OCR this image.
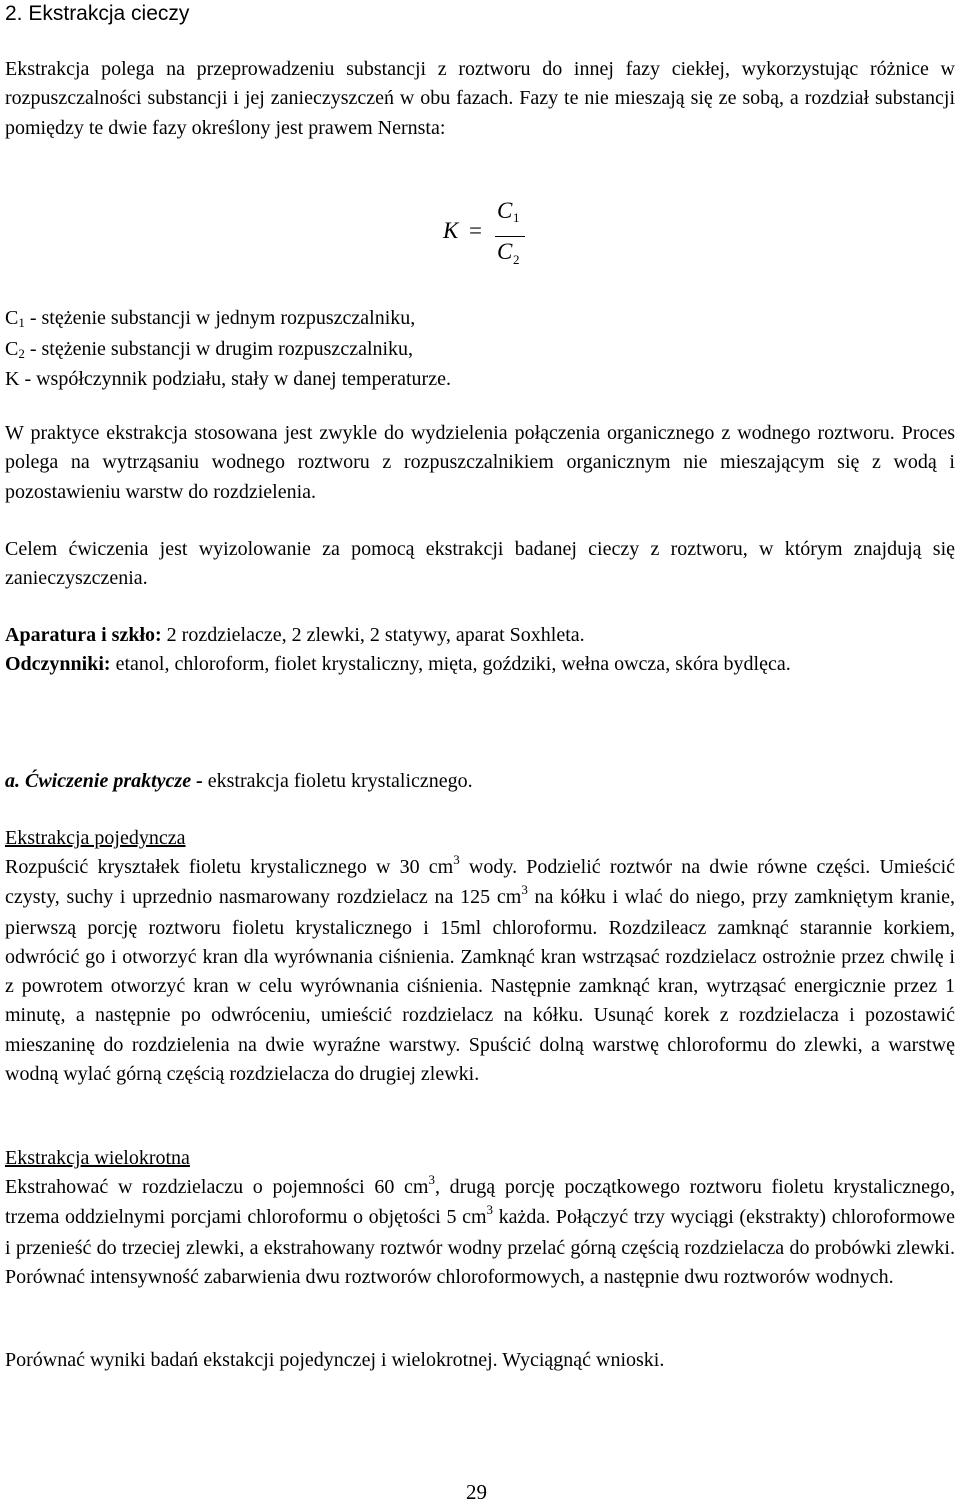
2. Ekstrakcja cieczy
Ekstrakcja polega na przeprowadzeniu substancji z roztworu do innej fazy ciekłej, wykorzystując różnice w rozpuszczalności substancji i jej zanieczyszczeń w obu fazach. Fazy te nie mieszają się ze sobą, a rozdział substancji pomiędzy te dwie fazy określony jest prawem Nernsta:
K =
C 1
C 2
C1 - stężenie substancji w jednym rozpuszczalniku,
C2 - stężenie substancji w drugim rozpuszczalniku,
K - współczynnik podziału, stały w danej temperaturze.
W praktyce ekstrakcja stosowana jest zwykle do wydzielenia połączenia organicznego z wodnego roztworu. Proces polega na wytrząsaniu wodnego roztworu z rozpuszczalnikiem organicznym nie mieszającym się z wodą i pozostawieniu warstw do rozdzielenia.
Celem ćwiczenia jest wyizolowanie za pomocą ekstrakcji badanej cieczy z roztworu, w którym znajdują się zanieczyszczenia.
Aparatura i szkło: 2 rozdzielacze, 2 zlewki, 2 statywy, aparat Soxhleta.
Odczynniki: etanol, chloroform, fiolet krystaliczny, mięta, goździki, wełna owcza, skóra bydlęca.
a. Ćwiczenie praktycze - ekstrakcja fioletu krystalicznego.
Ekstrakcja pojedyncza
Rozpuścić kryształek fioletu krystalicznego w 30 $cm^3$ wody. Podzielić roztwór na dwie równe części. Umieścić czysty, suchy i uprzednio nasmarowany rozdzielacz na 125 $cm^3$ na kółku i wlać do niego, przy zamkniętym kranie, pierwszą porcję roztworu fioletu krystalicznego i 15ml chloroformu. Rozdzileacz zamknąć starannie korkiem, odwrócić go i otworzyć kran dla wyrównania ciśnienia. Zamknąć kran wstrząsać rozdzielacz ostrożnie przez chwilę i z powrotem otworzyć kran w celu wyrównania ciśnienia. Następnie zamknąć kran, wytrząsać energicznie przez 1 minutę, a następnie po odwróceniu, umieścić rozdzielacz na kółku. Usunąć korek z rozdzielacza i pozostawić mieszaninę do rozdzielenia na dwie wyraźne warstwy. Spuścić dolną warstwę chloroformu do zlewki, a warstwę wodną wylać górną częścią rozdzielacza do drugiej zlewki.
Ekstrakcja wielokrotna
Ekstrahować w rozdzielaczu o pojemności 60 $cm^3$, drugą porcję początkowego roztworu fioletu krystalicznego, trzema oddzielnymi porcjami chloroformu o objętości 5 $cm^3$ każda. Połączyć trzy wyciągi (ekstrakty) chloroformowe i przenieść do trzeciej zlewki, a ekstrahowany roztwór wodny przelać górną częścią rozdzielacza do probówki zlewki. Porównać intensywność zabarwienia dwu roztworów chloroformowych, a następnie dwu roztworów wodnych.
Porównać wyniki badań ekstakcji pojedynczej i wielokrotnej. Wyciągnąć wnioski.
29
